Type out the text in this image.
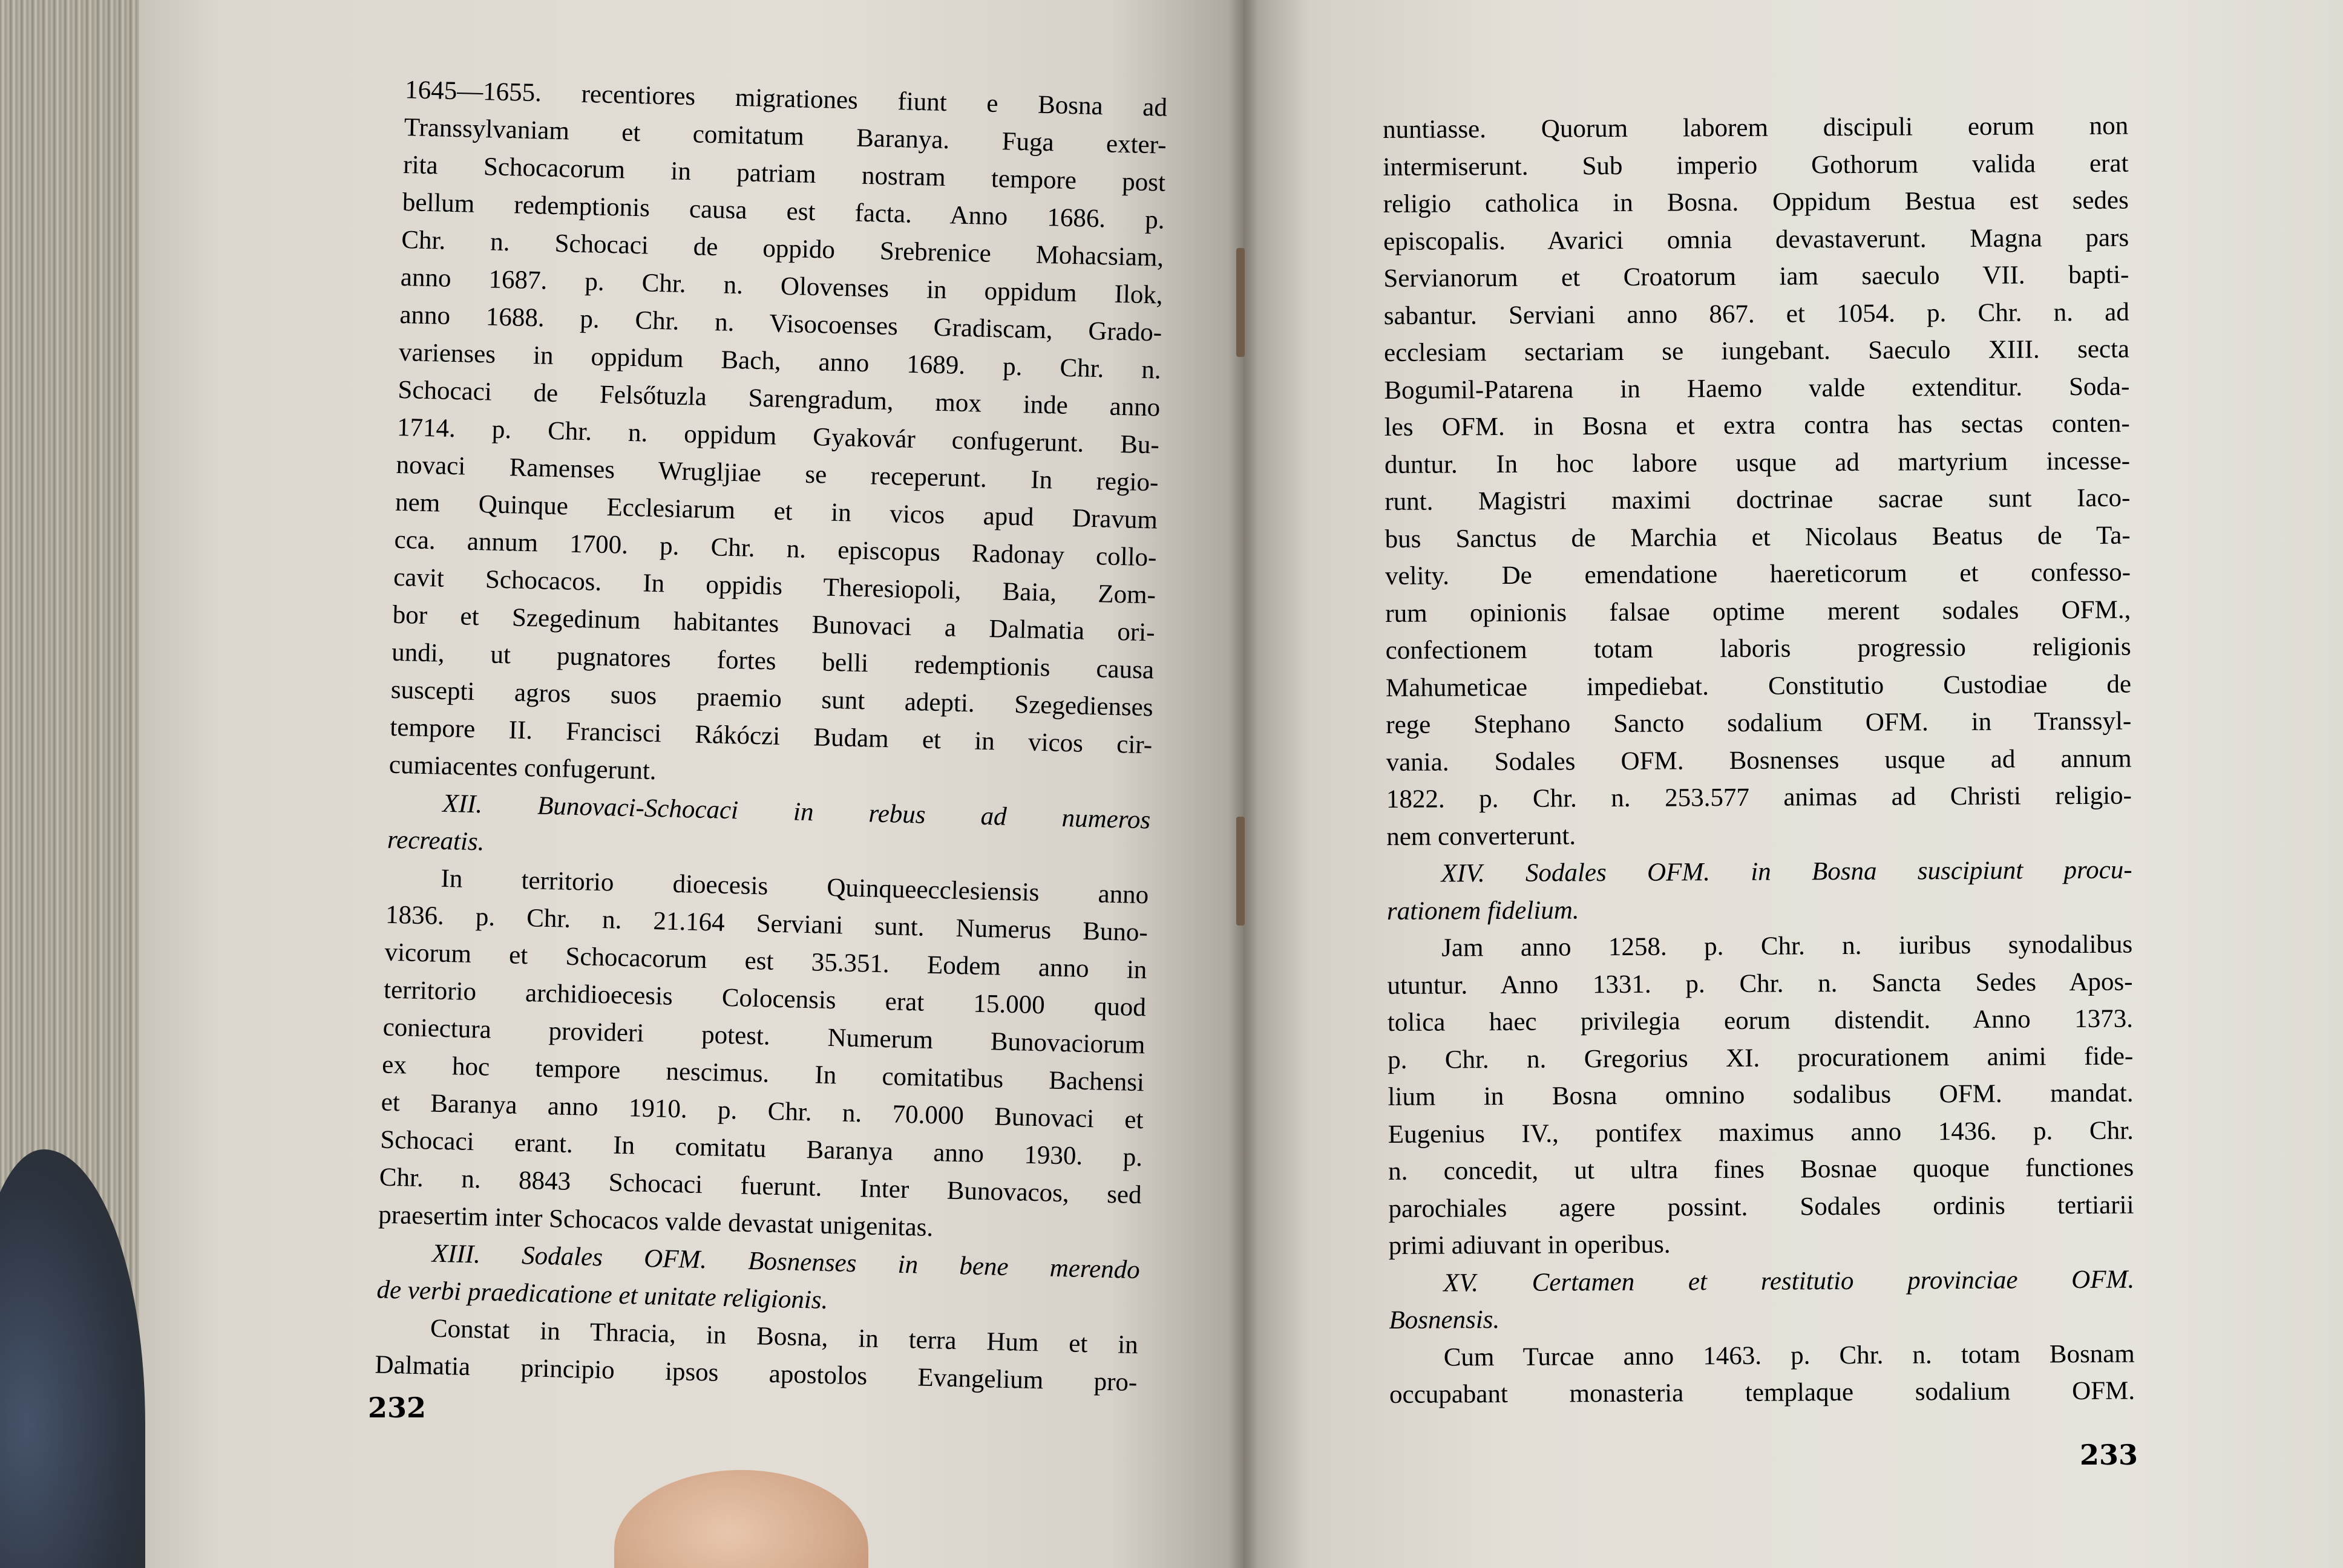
1645—1655. recentiores migrationes fiunt e Bosna ad
Transsylvaniam et comitatum Baranya. Fuga exter-
rita Schocacorum in patriam nostram tempore post
bellum redemptionis causa est facta. Anno 1686. p.
Chr. n. Schocaci de oppido Srebrenice Mohacsiam,
anno 1687. p. Chr. n. Olovenses in oppidum Ilok,
anno 1688. p. Chr. n. Visocoenses Gradiscam, Grado-
varienses in oppidum Bach, anno 1689. p. Chr. n.
Schocaci de Felsőtuzla Sarengradum, mox inde anno
1714. p. Chr. n. oppidum Gyakovár confugerunt. Bu-
novaci Ramenses Wrugljiae se receperunt. In regio-
nem Quinque Ecclesiarum et in vicos apud Dravum
cca. annum 1700. p. Chr. n. episcopus Radonay collo-
cavit Schocacos. In oppidis Theresiopoli, Baia, Zom-
bor et Szegedinum habitantes Bunovaci a Dalmatia ori-
undi, ut pugnatores fortes belli redemptionis causa
suscepti agros suos praemio sunt adepti. Szegedienses
tempore II. Francisci Rákóczi Budam et in vicos cir-
cumiacentes confugerunt.
XII. Bunovaci-Schocaci in rebus ad numeros
recreatis.
In territorio dioecesis Quinqueecclesiensis anno
1836. p. Chr. n. 21.164 Serviani sunt. Numerus Buno-
vicorum et Schocacorum est 35.351. Eodem anno in
territorio archidioecesis Colocensis erat 15.000 quod
coniectura provideri potest. Numerum Bunovaciorum
ex hoc tempore nescimus. In comitatibus Bachensi
et Baranya anno 1910. p. Chr. n. 70.000 Bunovaci et
Schocaci erant. In comitatu Baranya anno 1930. p.
Chr. n. 8843 Schocaci fuerunt. Inter Bunovacos, sed
praesertim inter Schocacos valde devastat unigenitas.
XIII. Sodales OFM. Bosnenses in bene merendo
de verbi praedicatione et unitate religionis.
Constat in Thracia, in Bosna, in terra Hum et in
Dalmatia principio ipsos apostolos Evangelium pro-
232
nuntiasse. Quorum laborem discipuli eorum non
intermiserunt. Sub imperio Gothorum valida erat
religio catholica in Bosna. Oppidum Bestua est sedes
episcopalis. Avarici omnia devastaverunt. Magna pars
Servianorum et Croatorum iam saeculo VII. bapti-
sabantur. Serviani anno 867. et 1054. p. Chr. n. ad
ecclesiam sectariam se iungebant. Saeculo XIII. secta
Bogumil-Patarena in Haemo valde extenditur. Soda-
les OFM. in Bosna et extra contra has sectas conten-
duntur. In hoc labore usque ad martyrium incesse-
runt. Magistri maximi doctrinae sacrae sunt Iaco-
bus Sanctus de Marchia et Nicolaus Beatus de Ta-
velity. De emendatione haereticorum et confesso-
rum opinionis falsae optime merent sodales OFM.,
confectionem totam laboris progressio religionis
Mahumeticae impediebat. Constitutio Custodiae de
rege Stephano Sancto sodalium OFM. in Transsyl-
vania. Sodales OFM. Bosnenses usque ad annum
1822. p. Chr. n. 253.577 animas ad Christi religio-
nem converterunt.
XIV. Sodales OFM. in Bosna suscipiunt procu-
rationem fidelium.
Jam anno 1258. p. Chr. n. iuribus synodalibus
utuntur. Anno 1331. p. Chr. n. Sancta Sedes Apos-
tolica haec privilegia eorum distendit. Anno 1373.
p. Chr. n. Gregorius XI. procurationem animi fide-
lium in Bosna omnino sodalibus OFM. mandat.
Eugenius IV., pontifex maximus anno 1436. p. Chr.
n. concedit, ut ultra fines Bosnae quoque functiones
parochiales agere possint. Sodales ordinis tertiarii
primi adiuvant in operibus.
XV. Certamen et restitutio provinciae OFM.
Bosnensis.
Cum Turcae anno 1463. p. Chr. n. totam Bosnam
occupabant monasteria templaque sodalium OFM.
233
